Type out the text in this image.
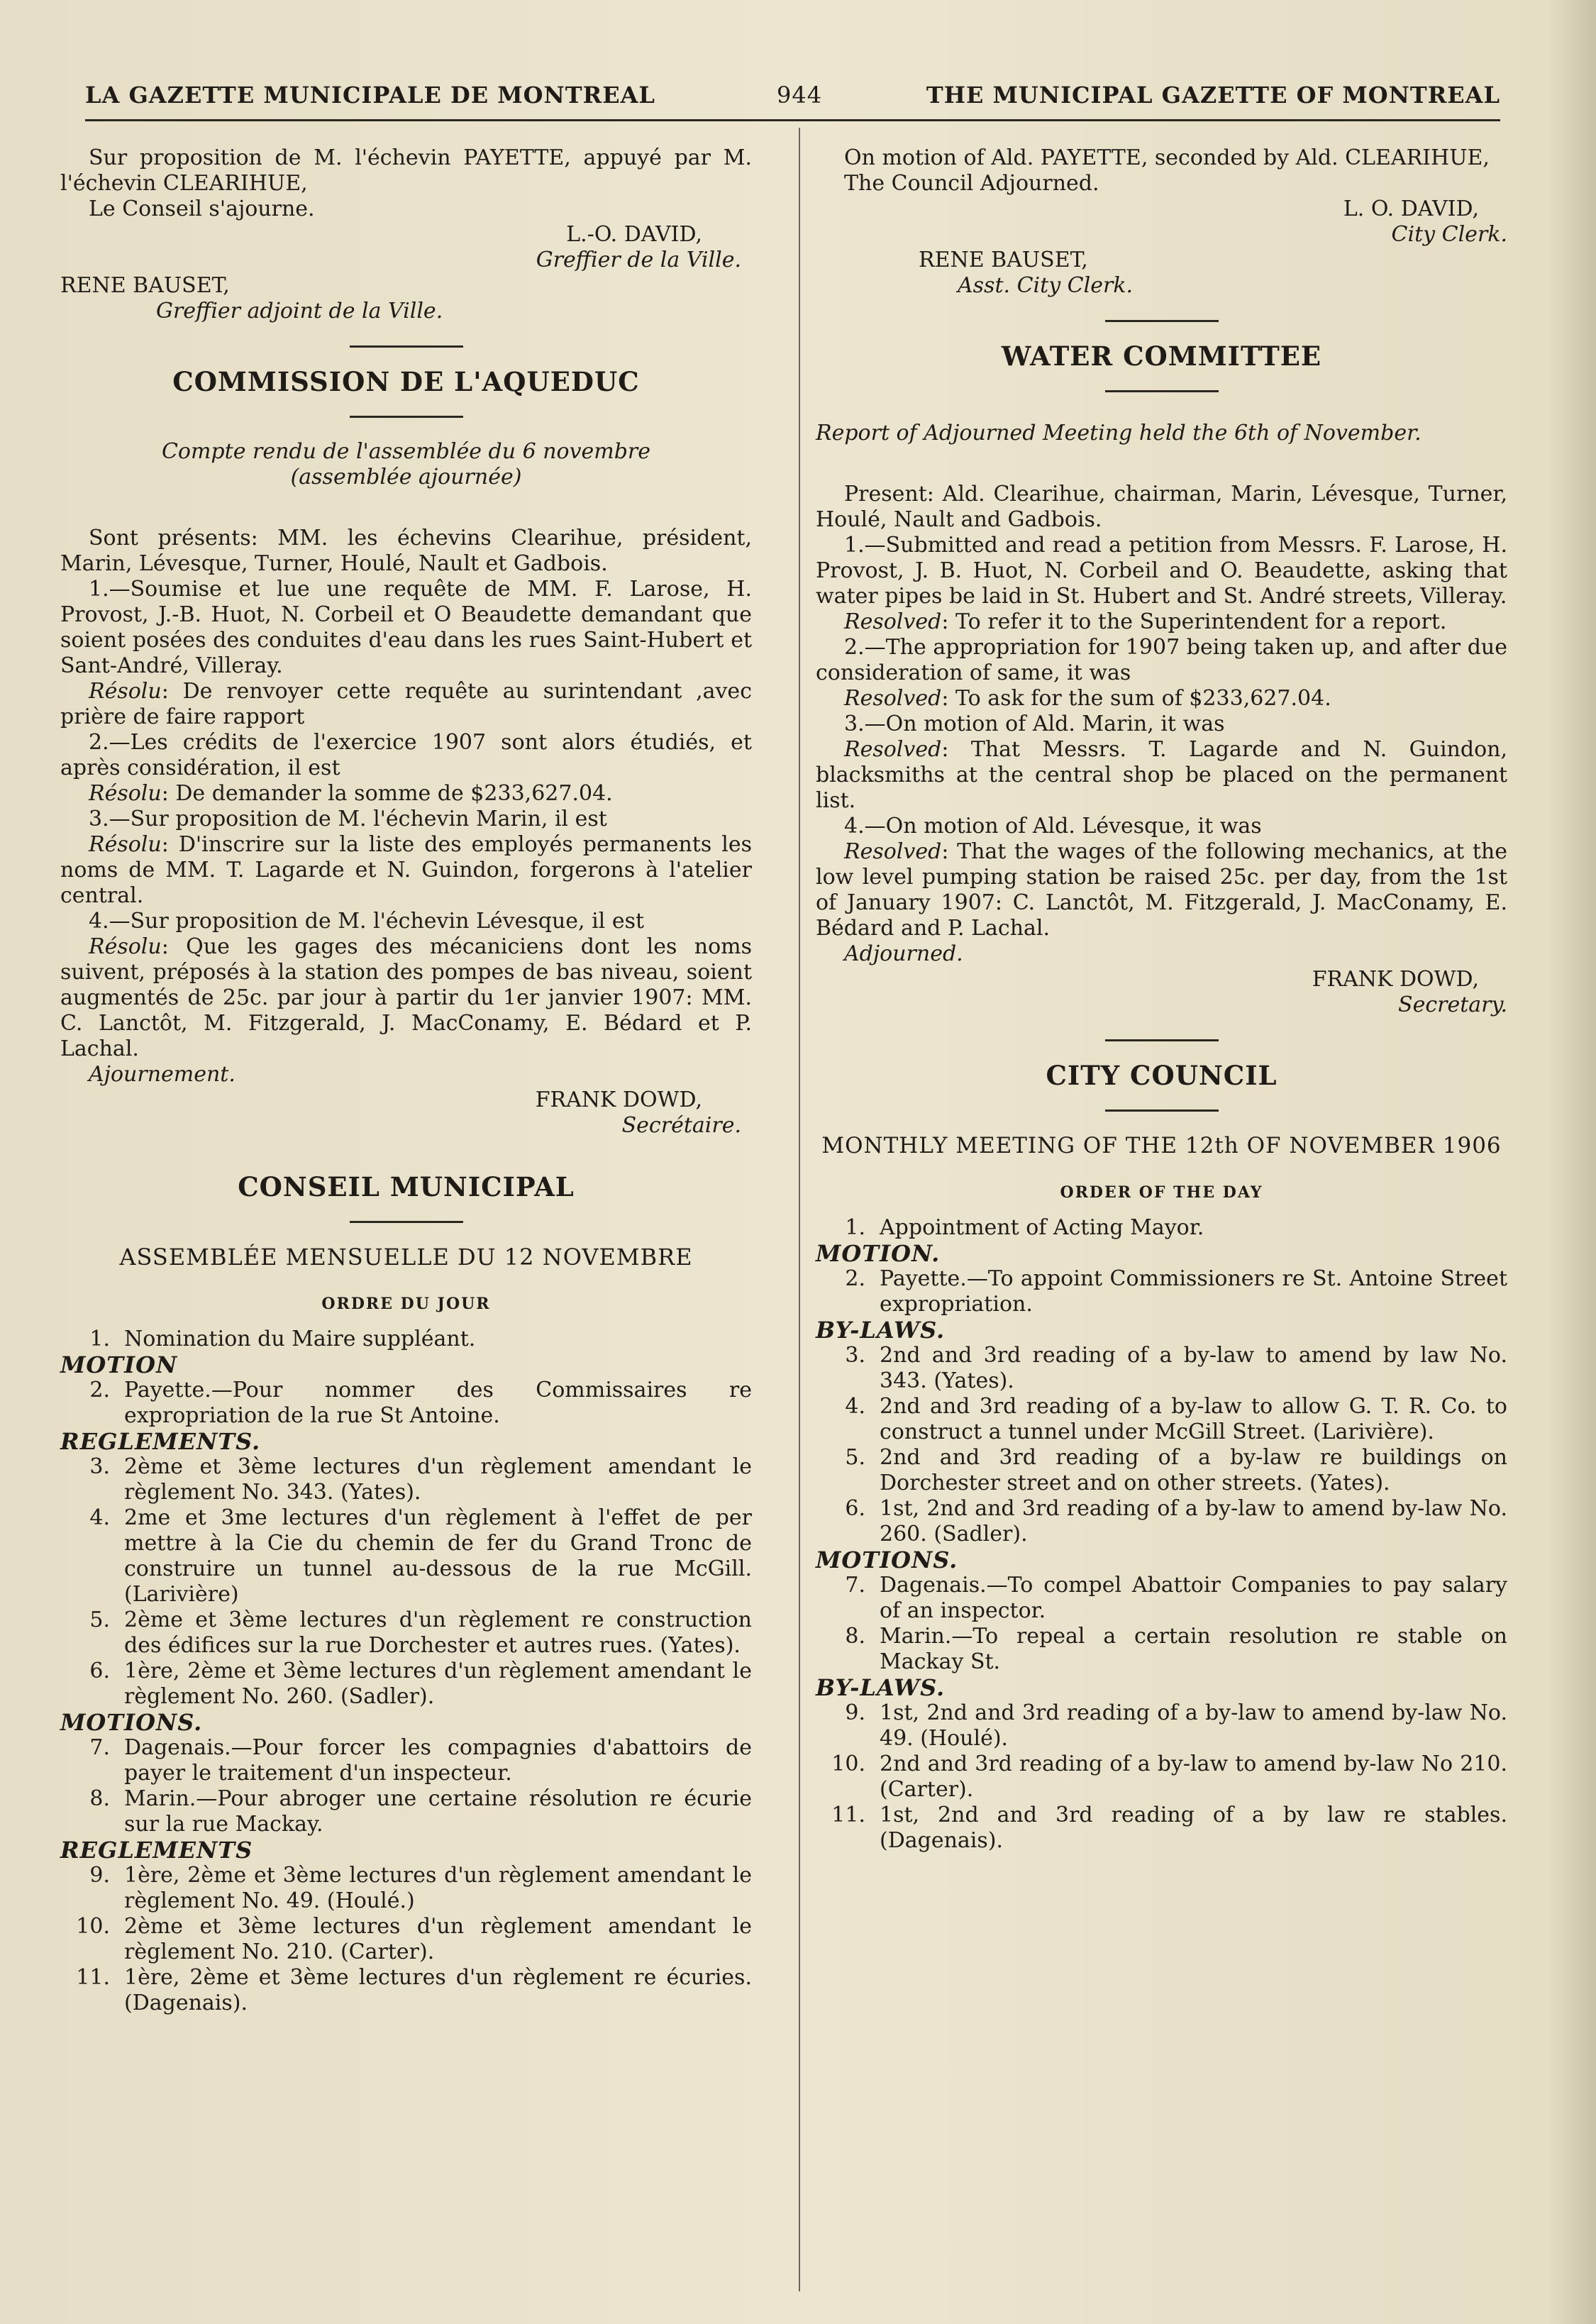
LA GAZETTE MUNICIPALE DE MONTREAL	944	THE MUNICIPAL GAZETTE OF MONTREAL

Sur proposition de M. l'échevin PAYETTE, appuyé par M. l'échevin CLEARIHUE,

Le Conseil s'ajourne.

L.-O. DAVID,

Greffier de la Ville.

RENE BAUSET,

Greffier adjoint de la Ville.

COMMISSION DE L'AQUEDUC

Compte rendu de l'assemblée du 6 novembre

(assemblée ajournée)

Sont présents: MM. les échevins Clearihue, président, Marin, Lévesque, Turner, Houlé, Nault et Gadbois.

1.—Soumise et lue une requête de MM. F. Larose, H. Provost, J.-B. Huot, N. Corbeil et O Beaudette demandant que soient posées des conduites d'eau dans les rues Saint-Hubert et Sant-André, Villeray.

Résolu: De renvoyer cette requête au surintendant ,avec prière de faire rapport

2.—Les crédits de l'exercice 1907 sont alors étudiés, et après considération, il est

Résolu: De demander la somme de $233,627.04.

3.—Sur proposition de M. l'échevin Marin, il est

Résolu: D'inscrire sur la liste des employés permanents les noms de MM. T. Lagarde et N. Guindon, forgerons à l'atelier central.

4.—Sur proposition de M. l'échevin Lévesque, il est

Résolu: Que les gages des mécaniciens dont les noms suivent, préposés à la station des pompes de bas niveau, soient augmentés de 25c. par jour à partir du 1er janvier 1907: MM. C. Lanctôt, M. Fitzgerald, J. MacConamy, E. Bédard et P. Lachal.

Ajournement.

FRANK DOWD,

Secrétaire.

CONSEIL MUNICIPAL

ASSEMBLÉE MENSUELLE DU 12 NOVEMBRE

ORDRE DU JOUR

1. Nomination du Maire suppléant.

MOTION

2. Payette.—Pour nommer des Commissaires re expropriation de la rue St Antoine.

REGLEMENTS.

3. 2ème et 3ème lectures d'un règlement amendant le règlement No. 343. (Yates).
4. 2me et 3me lectures d'un règlement à l'effet de per mettre à la Cie du chemin de fer du Grand Tronc de construire un tunnel au-dessous de la rue McGill. (Larivière)
5. 2ème et 3ème lectures d'un règlement re construction des édifices sur la rue Dorchester et autres rues. (Yates).
6. 1ère, 2ème et 3ème lectures d'un règlement amendant le règlement No. 260. (Sadler).

MOTIONS.

7. Dagenais.—Pour forcer les compagnies d'abattoirs de payer le traitement d'un inspecteur.
8. Marin.—Pour abroger une certaine résolution re écurie sur la rue Mackay.

REGLEMENTS

9. 1ère, 2ème et 3ème lectures d'un règlement amendant le règlement No. 49. (Houlé.)
10. 2ème et 3ème lectures d'un règlement amendant le règlement No. 210. (Carter).
11. 1ère, 2ème et 3ème lectures d'un règlement re écuries. (Dagenais).

On motion of Ald. PAYETTE, seconded by Ald. CLEARIHUE,

The Council Adjourned.

L. O. DAVID,

City Clerk.

RENE BAUSET,

Asst. City Clerk.

WATER COMMITTEE

Report of Adjourned Meeting held the 6th of November.

Present: Ald. Clearihue, chairman, Marin, Lévesque, Turner, Houlé, Nault and Gadbois.

1.—Submitted and read a petition from Messrs. F. Larose, H. Provost, J. B. Huot, N. Corbeil and O. Beaudette, asking that water pipes be laid in St. Hubert and St. André streets, Villeray.

Resolved: To refer it to the Superintendent for a report.

2.—The appropriation for 1907 being taken up, and after due consideration of same, it was

Resolved: To ask for the sum of $233,627.04.

3.—On motion of Ald. Marin, it was

Resolved: That Messrs. T. Lagarde and N. Guindon, blacksmiths at the central shop be placed on the permanent list.

4.—On motion of Ald. Lévesque, it was

Resolved: That the wages of the following mechanics, at the low level pumping station be raised 25c. per day, from the 1st of January 1907: C. Lanctôt, M. Fitzgerald, J. MacConamy, E. Bédard and P. Lachal.

Adjourned.

FRANK DOWD,

Secretary.

CITY COUNCIL

MONTHLY MEETING OF THE 12th OF NOVEMBER 1906

ORDER OF THE DAY

1. Appointment of Acting Mayor.

MOTION.

2. Payette.—To appoint Commissioners re St. Antoine Street expropriation.

BY-LAWS.

3. 2nd and 3rd reading of a by-law to amend by law No. 343. (Yates).
4. 2nd and 3rd reading of a by-law to allow G. T. R. Co. to construct a tunnel under McGill Street. (Larivière).
5. 2nd and 3rd reading of a by-law re buildings on Dorchester street and on other streets. (Yates).
6. 1st, 2nd and 3rd reading of a by-law to amend by-law No. 260. (Sadler).

MOTIONS.

7. Dagenais.—To compel Abattoir Companies to pay salary of an inspector.
8. Marin.—To repeal a certain resolution re stable on Mackay St.

BY-LAWS.

9. 1st, 2nd and 3rd reading of a by-law to amend by-law No. 49. (Houlé).
10. 2nd and 3rd reading of a by-law to amend by-law No 210. (Carter).
11. 1st, 2nd and 3rd reading of a by law re stables. (Dagenais).
